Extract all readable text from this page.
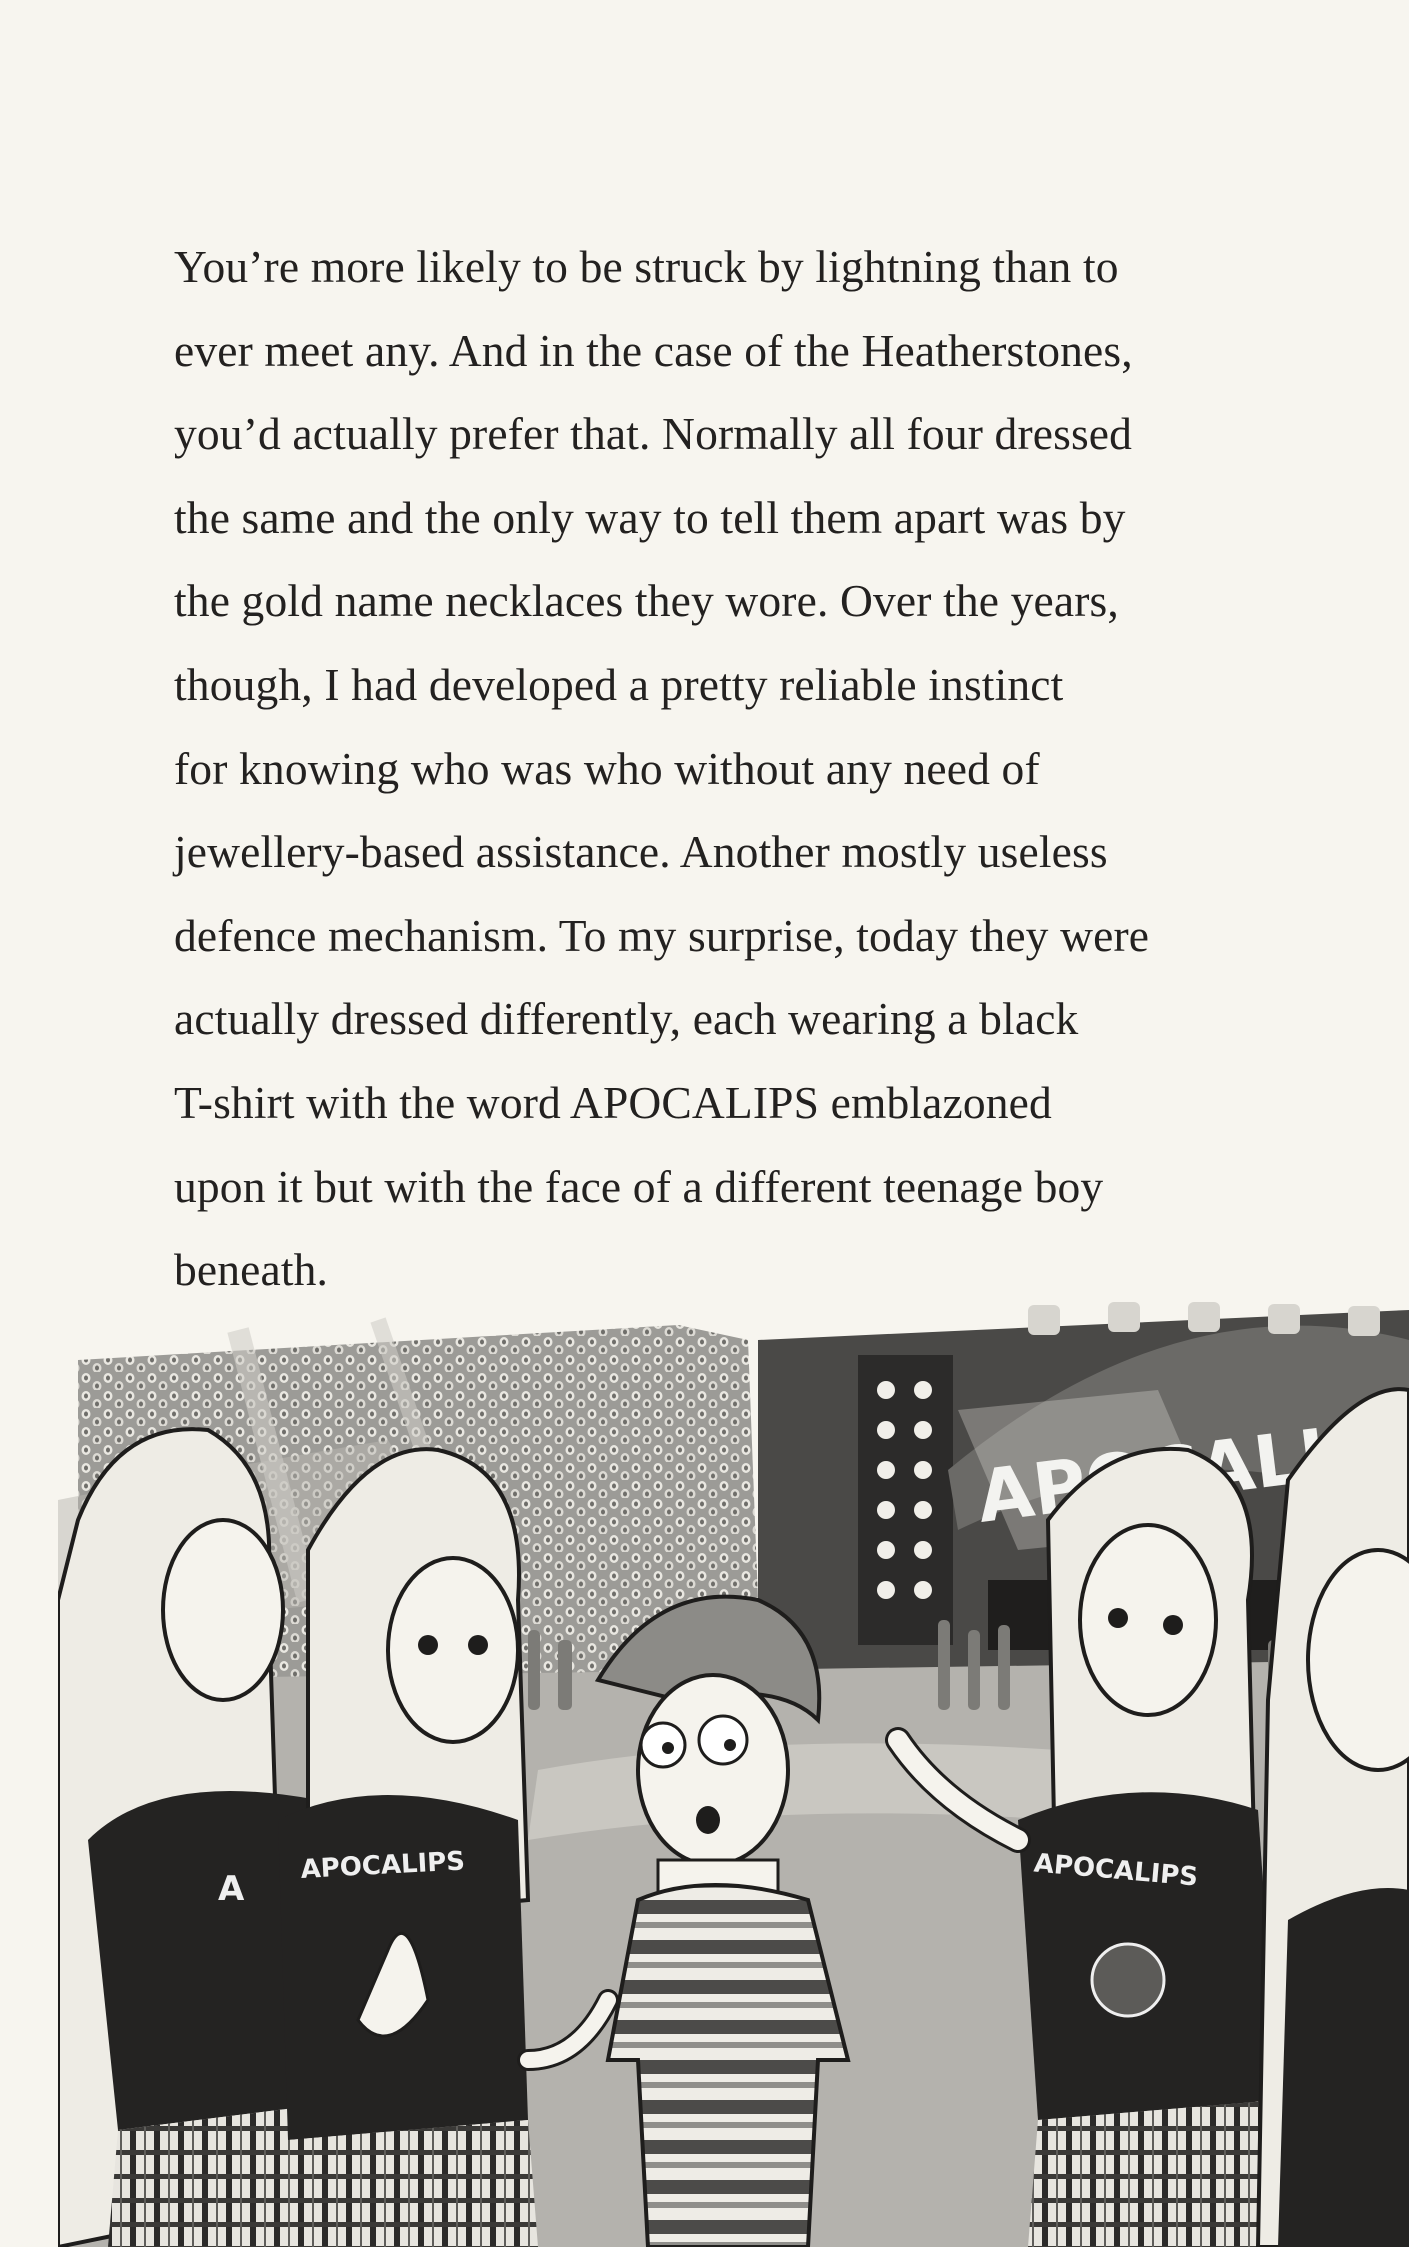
You’re more likely to be struck by lightning than to
ever meet any. And in the case of the Heatherstones,
you’d actually prefer that. Normally all four dressed
the same and the only way to tell them apart was by
the gold name necklaces they wore. Over the years,
though, I had developed a pretty reliable instinct
for knowing who was who without any need of
jewellery-based assistance. Another mostly useless
defence mechanism. To my surprise, today they were
actually dressed differently, each wearing a black
T-shirt with the word APOCALIPS emblazoned
upon it but with the face of a different teenage boy
beneath.
A
APOCALIPS	APOCALIPS
